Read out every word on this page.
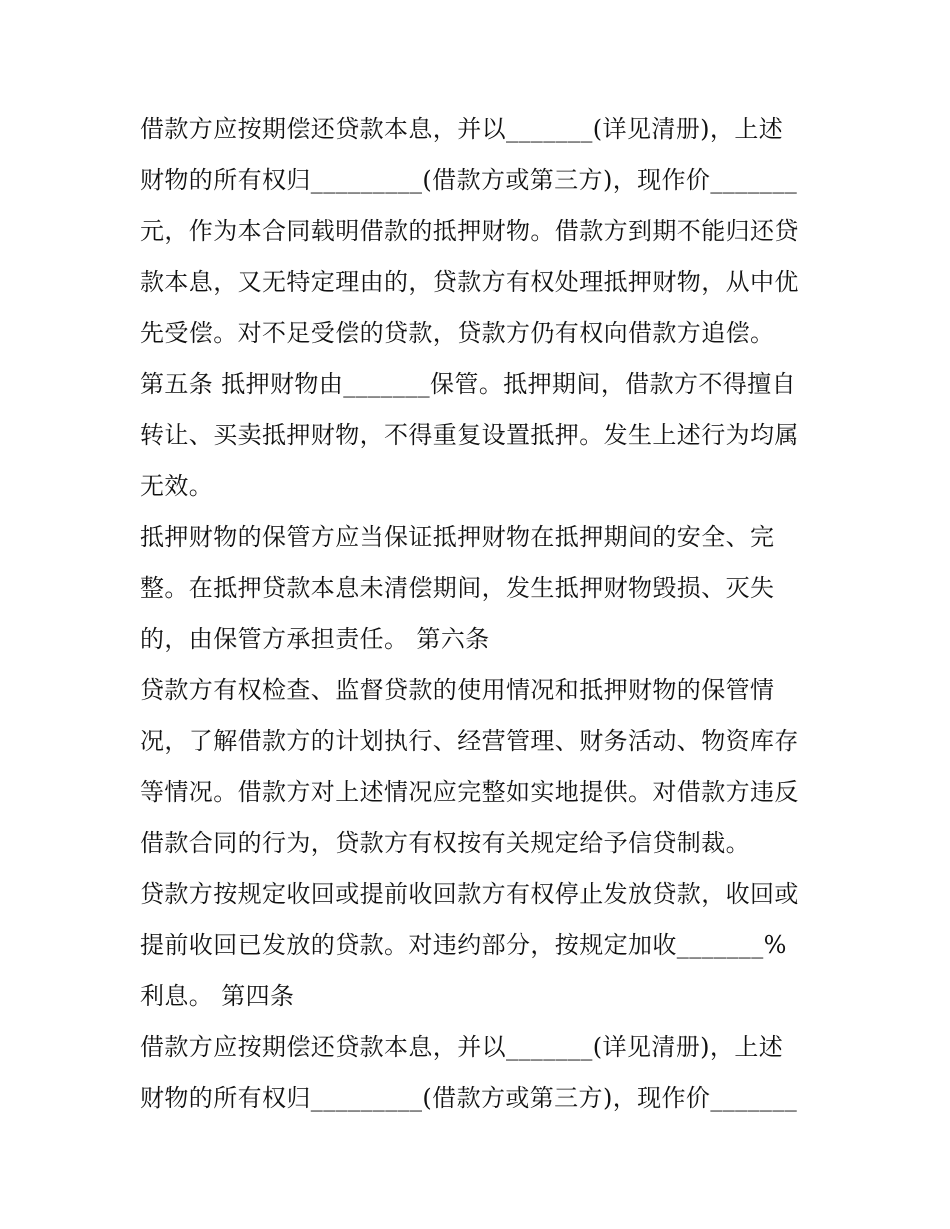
借款方应按期偿还贷款本息，并以_______(详见清册)，上述
财物的所有权归_________(借款方或第三方)，现作价_______
元，作为本合同载明借款的抵押财物。借款方到期不能归还贷
款本息，又无特定理由的，贷款方有权处理抵押财物，从中优
先受偿。对不足受偿的贷款，贷款方仍有权向借款方追偿。
第五条 抵押财物由_______保管。抵押期间，借款方不得擅自
转让、买卖抵押财物，不得重复设置抵押。发生上述行为均属
无效。
抵押财物的保管方应当保证抵押财物在抵押期间的安全、完
整。在抵押贷款本息未清偿期间，发生抵押财物毁损、灭失
的，由保管方承担责任。 第六条
贷款方有权检查、监督贷款的使用情况和抵押财物的保管情
况，了解借款方的计划执行、经营管理、财务活动、物资库存
等情况。借款方对上述情况应完整如实地提供。对借款方违反
借款合同的行为，贷款方有权按有关规定给予信贷制裁。
贷款方按规定收回或提前收回款方有权停止发放贷款，收回或
提前收回已发放的贷款。对违约部分，按规定加收_______%
利息。 第四条
借款方应按期偿还贷款本息，并以_______(详见清册)，上述
财物的所有权归_________(借款方或第三方)，现作价_______
